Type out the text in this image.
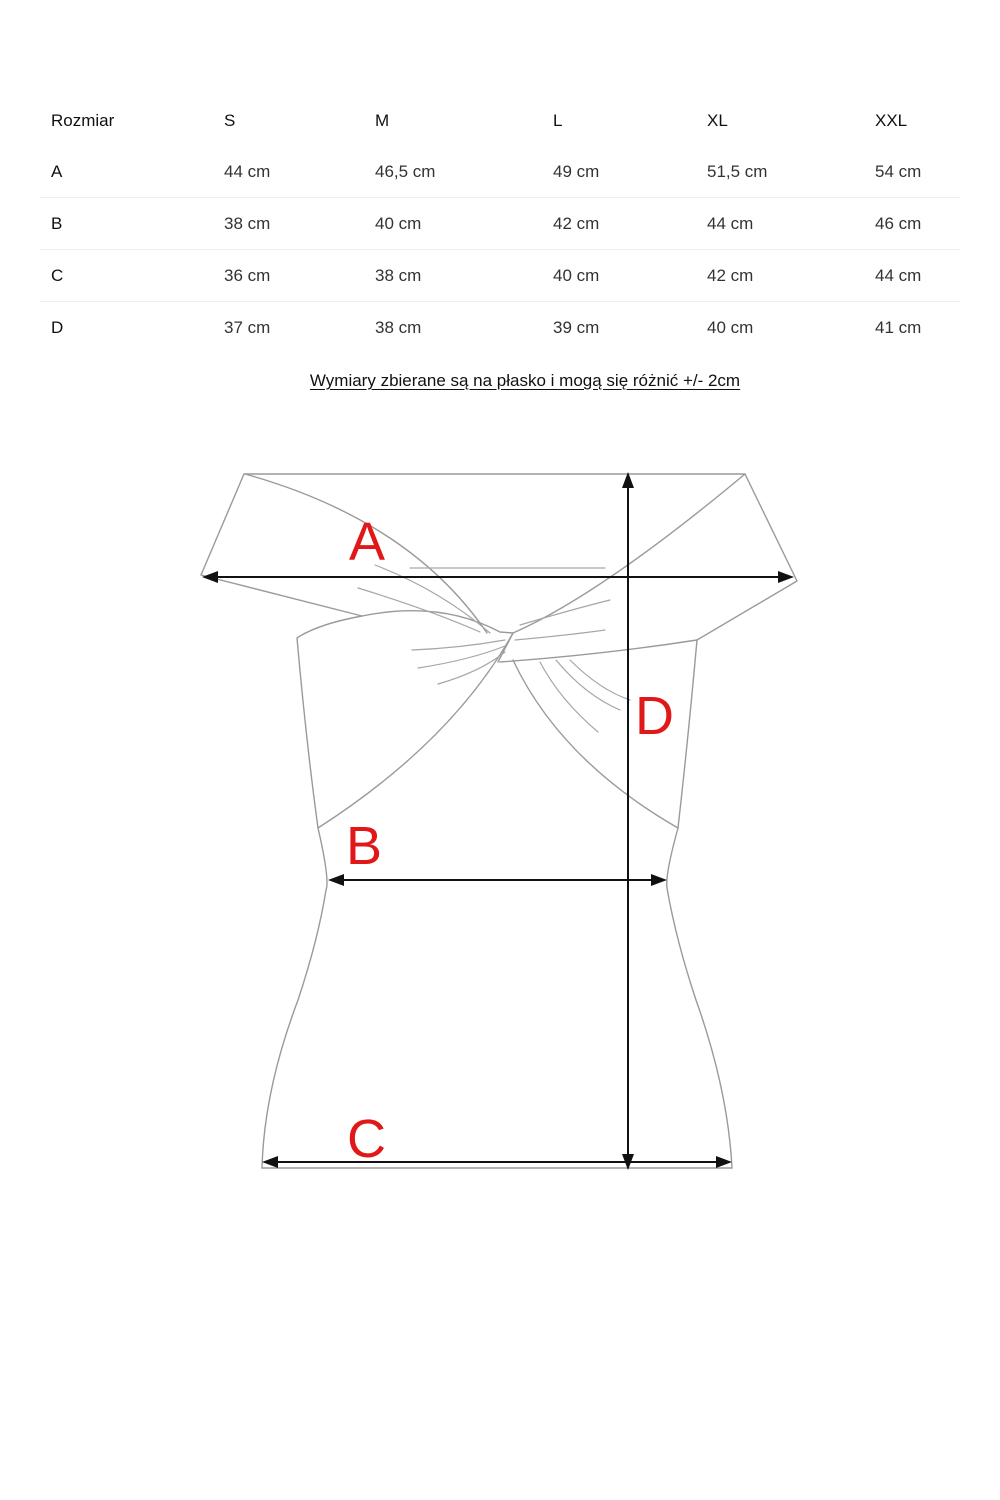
Rozmiar	S	M	L	XL	XXL
A	44 cm	46,5 cm	49 cm	51,5 cm	54 cm
B	38 cm	40 cm	42 cm	44 cm	46 cm
C	36 cm	38 cm	40 cm	42 cm	44 cm
D	37 cm	38 cm	39 cm	40 cm	41 cm
Wymiary zbierane są na płasko i mogą się różnić +/- 2cm
A
B
C
D
